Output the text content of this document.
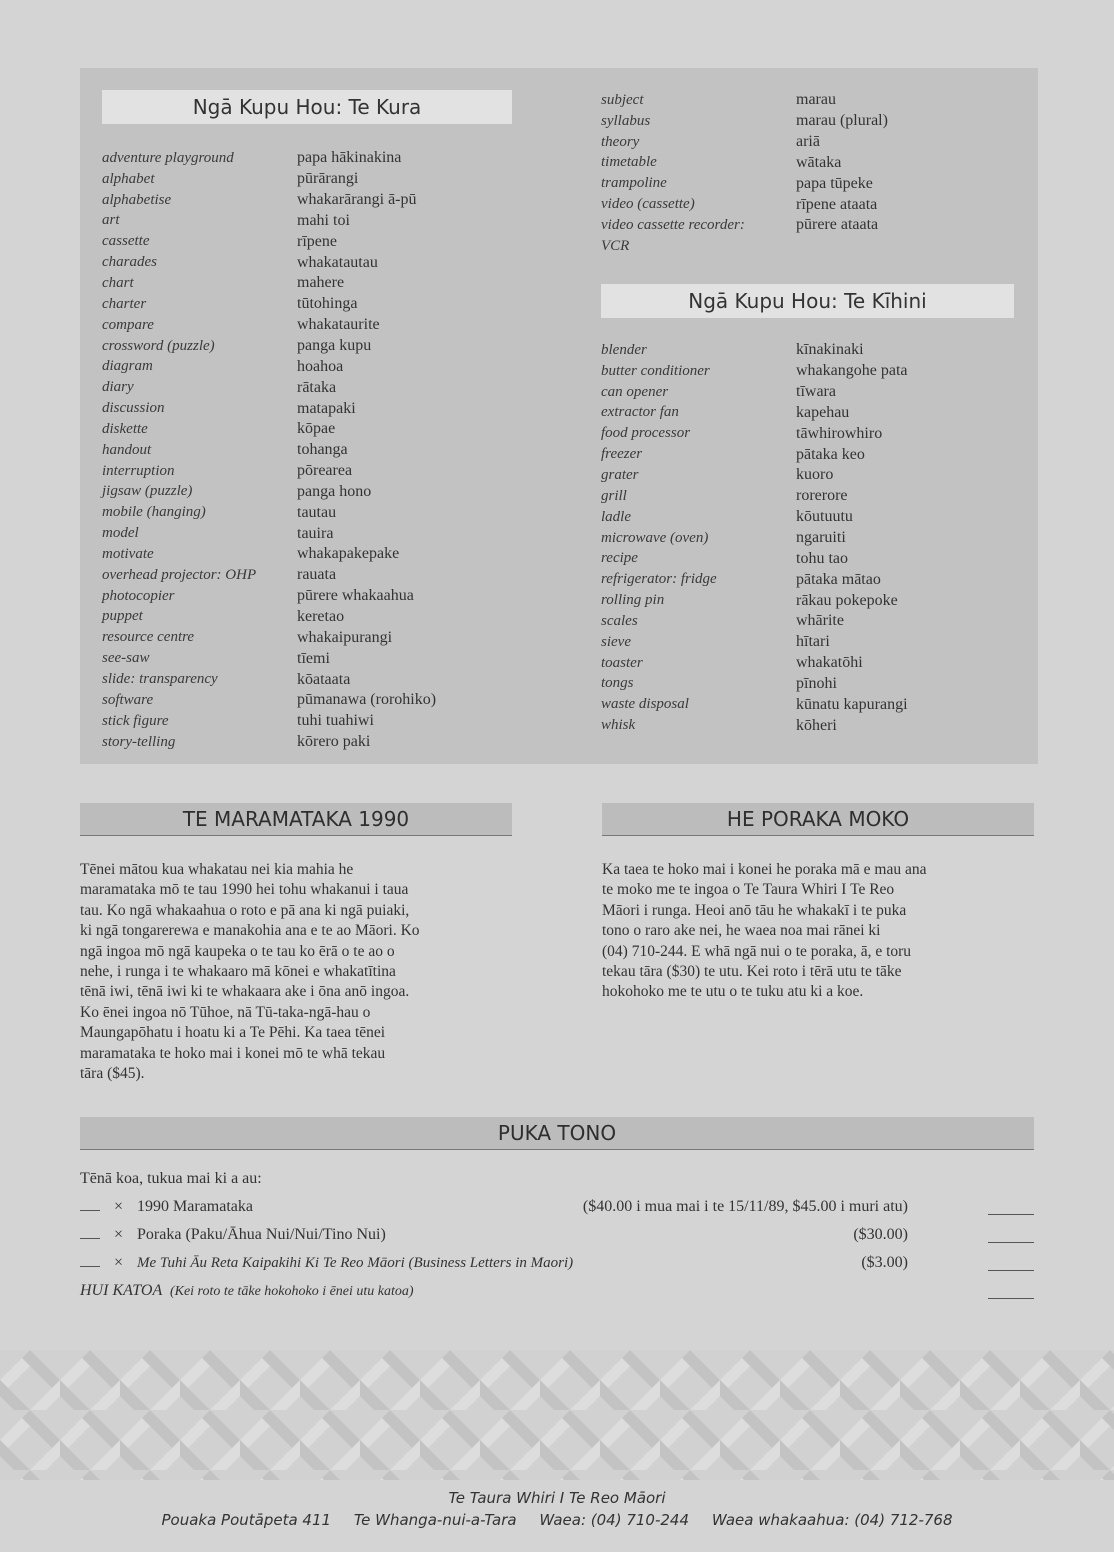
Ngā Kupu Hou: Te Kura
adventure playground	papa hākinakina
alphabet	pūrārangi
alphabetise	whakarārangi ā-pū
art	mahi toi
cassette	rīpene
charades	whakatautau
chart	mahere
charter	tūtohinga
compare	whakataurite
crossword (puzzle)	panga kupu
diagram	hoahoa
diary	rātaka
discussion	matapaki
diskette	kōpae
handout	tohanga
interruption	pōrearea
jigsaw (puzzle)	panga hono
mobile (hanging)	tautau
model	tauira
motivate	whakapakepake
overhead projector: OHP	rauata
photocopier	pūrere whakaahua
puppet	keretao
resource centre	whakaipurangi
see-saw	tīemi
slide: transparency	kōataata
software	pūmanawa (rorohiko)
stick figure	tuhi tuahiwi
story-telling	kōrero paki
subject	marau
syllabus	marau (plural)
theory	ariā
timetable	wātaka
trampoline	papa tūpeke
video (cassette)	rīpene ataata
video cassette recorder:	pūrere ataata
VCR
Ngā Kupu Hou: Te Kīhini
blender	kīnakinaki
butter conditioner	whakangohe pata
can opener	tīwara
extractor fan	kapehau
food processor	tāwhirowhiro
freezer	pātaka keo
grater	kuoro
grill	rorerore
ladle	kōutuutu
microwave (oven)	ngaruiti
recipe	tohu tao
refrigerator: fridge	pātaka mātao
rolling pin	rākau pokepoke
scales	whārite
sieve	hītari
toaster	whakatōhi
tongs	pīnohi
waste disposal	kūnatu kapurangi
whisk	kōheri
TE MARAMATAKA 1990
Tēnei mātou kua whakatau nei kia mahia he
maramataka mō te tau 1990 hei tohu whakanui i taua
tau. Ko ngā whakaahua o roto e pā ana ki ngā puiaki,
ki ngā tongarerewa e manakohia ana e te ao Māori. Ko
ngā ingoa mō ngā kaupeka o te tau ko ērā o te ao o
nehe, i runga i te whakaaro mā kōnei e whakatītina
tēnā iwi, tēnā iwi ki te whakaara ake i ōna anō ingoa.
Ko ēnei ingoa nō Tūhoe, nā Tū-taka-ngā-hau o
Maungapōhatu i hoatu ki a Te Pēhi. Ka taea tēnei
maramataka te hoko mai i konei mō te whā tekau
tāra ($45).
HE PORAKA MOKO
Ka taea te hoko mai i konei he poraka mā e mau ana
te moko me te ingoa o Te Taura Whiri I Te Reo
Māori i runga. Heoi anō tāu he whakakī i te puka
tono o raro ake nei, he waea noa mai rānei ki
(04) 710-244. E whā ngā nui o te poraka, ā, e toru
tekau tāra ($30) te utu. Kei roto i tērā utu te tāke
hokohoko me te utu o te tuku atu ki a koe.
PUKA TONO
Tēnā koa, tukua mai ki a au:
× 1990 Maramataka	($40.00 i mua mai i te 15/11/89, $45.00 i muri atu)
× Poraka (Paku/Āhua Nui/Nui/Tino Nui)	($30.00)
× Me Tuhi Āu Reta Kaipakihi Ki Te Reo Māori (Business Letters in Maori)	($3.00)
HUI KATOA (Kei roto te tāke hokohoko i ēnei utu katoa)
Te Taura Whiri I Te Reo Māori
Pouaka Poutāpeta 411 Te Whanga-nui-a-Tara Waea: (04) 710-244 Waea whakaahua: (04) 712-768
